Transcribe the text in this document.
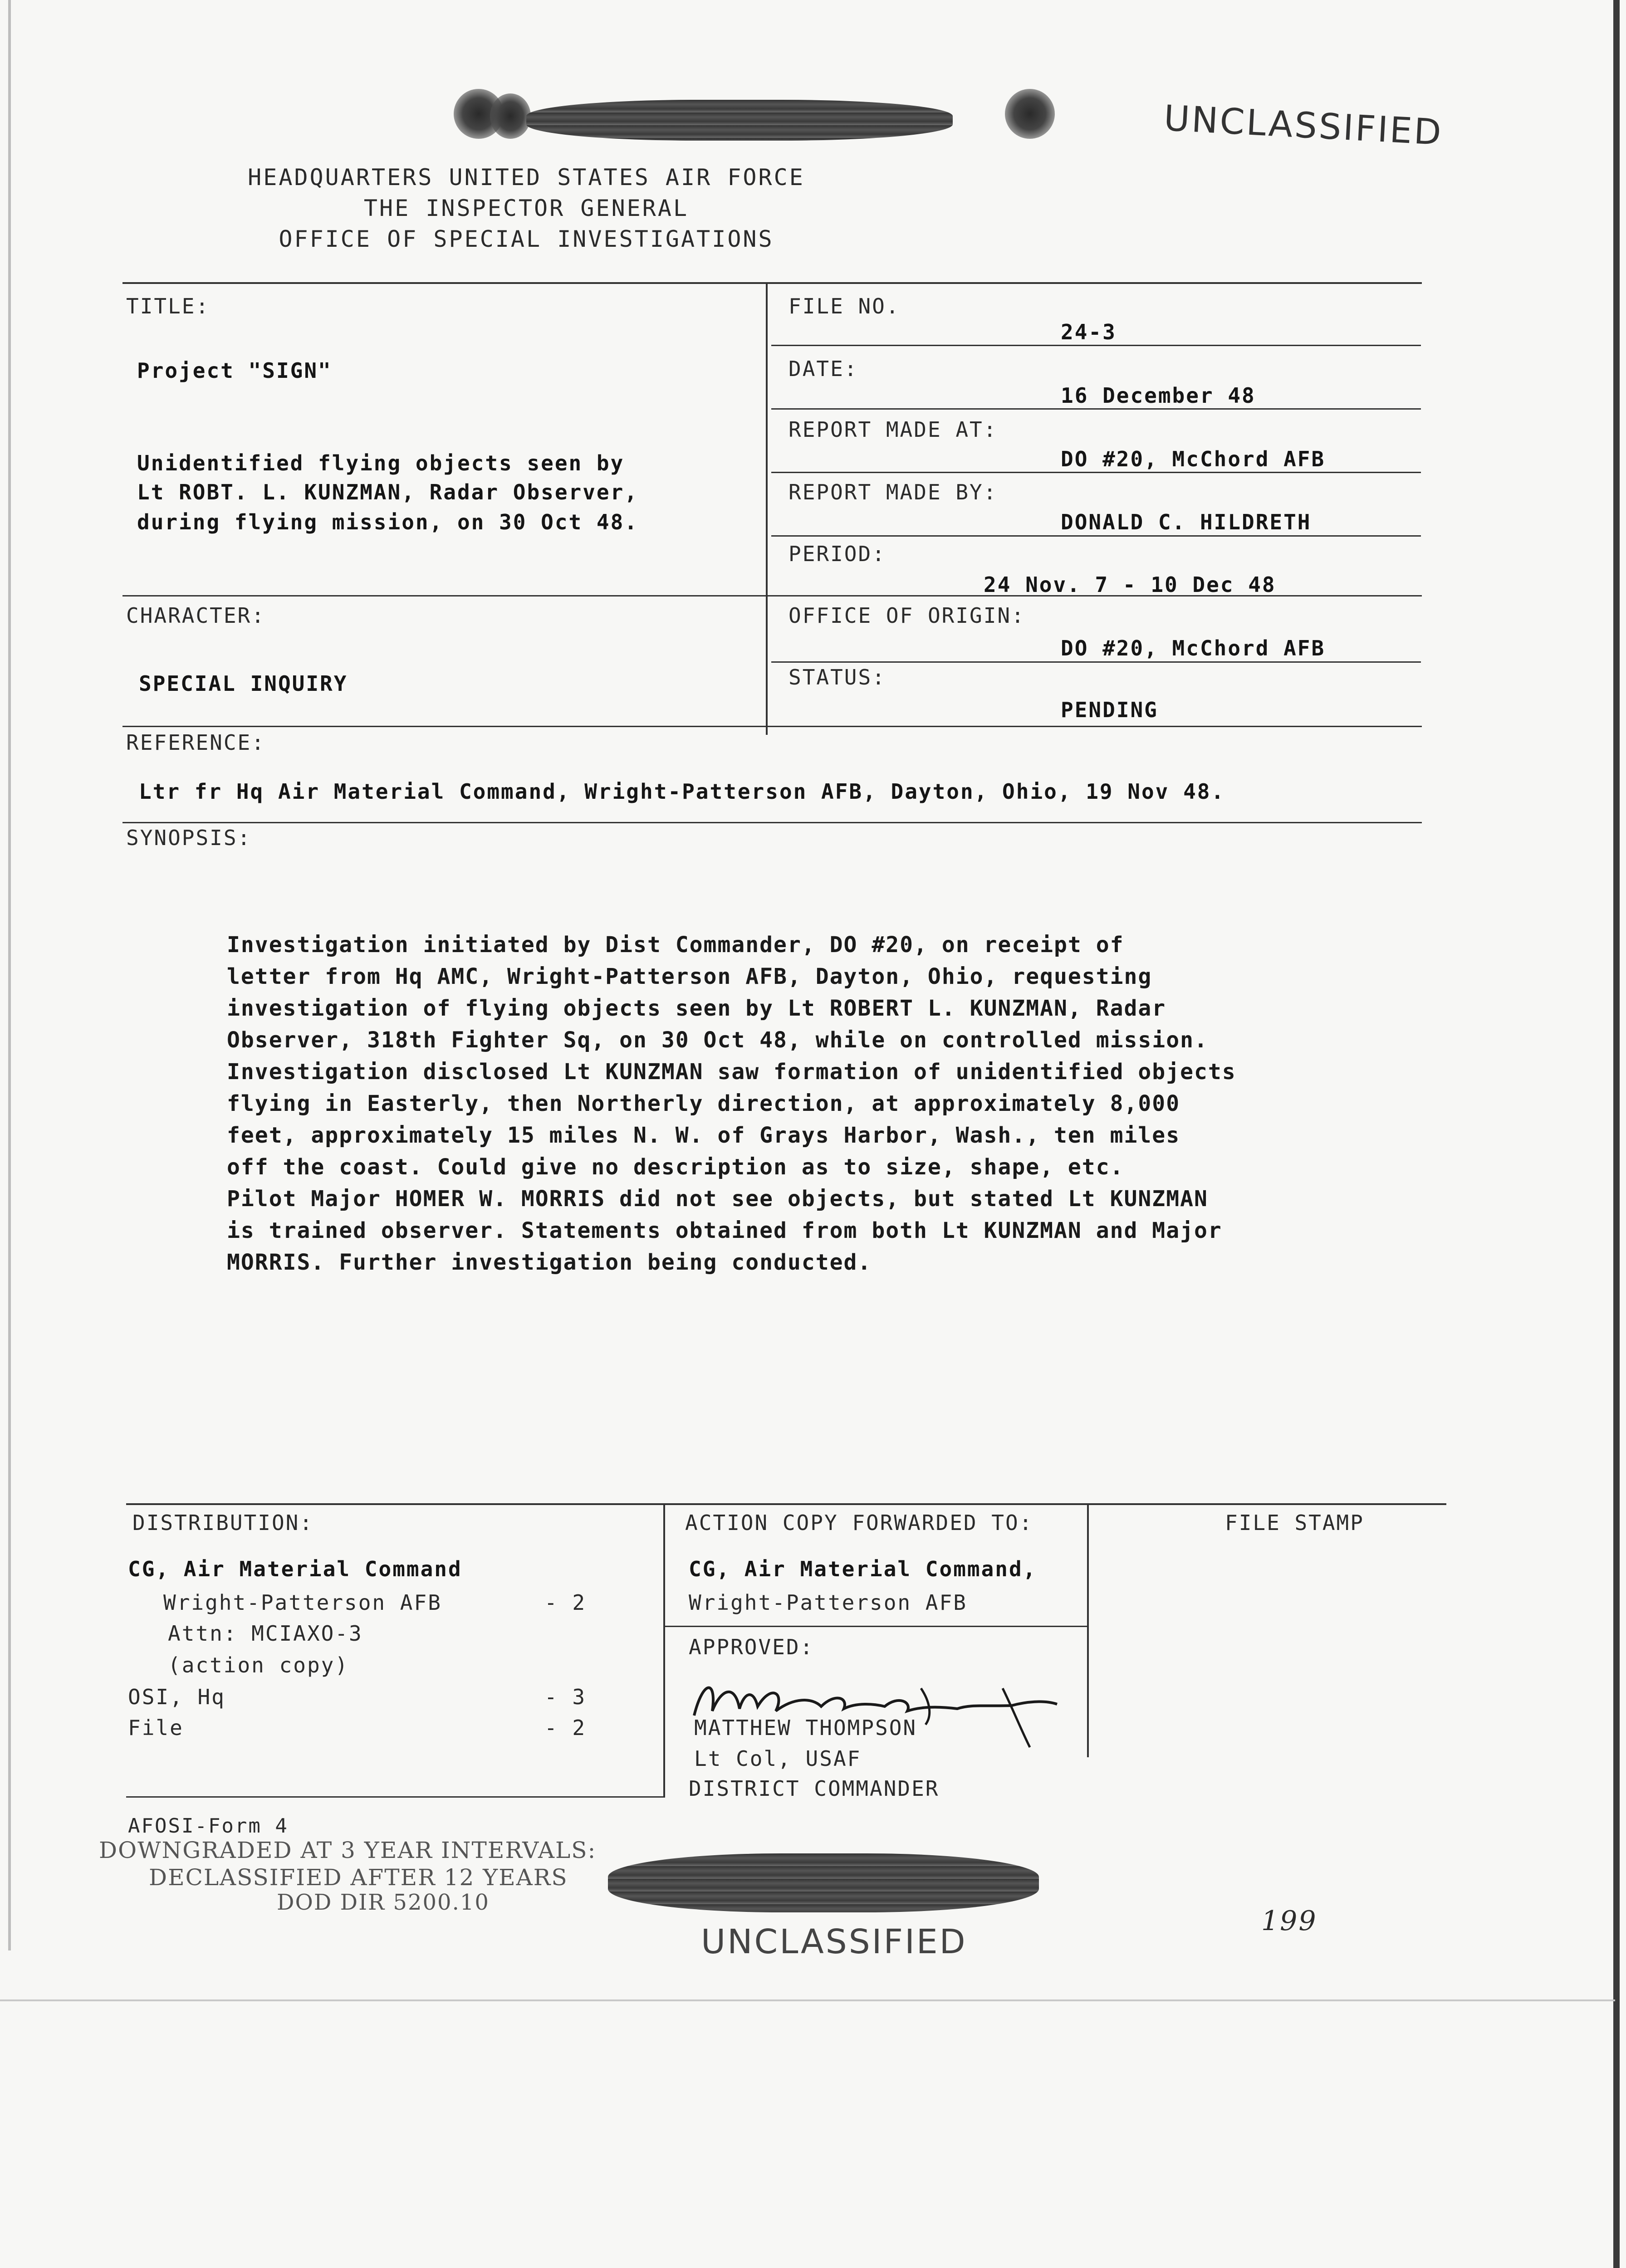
UNCLASSIFIED
HEADQUARTERS UNITED STATES AIR FORCE
THE INSPECTOR GENERAL
OFFICE OF SPECIAL INVESTIGATIONS
TITLE:
Project "SIGN"
Unidentified flying objects seen by
Lt ROBT. L. KUNZMAN, Radar Observer,
during flying mission, on 30 Oct 48.
FILE NO.
24-3
DATE:
16 December 48
REPORT MADE AT:
DO #20, McChord AFB
REPORT MADE BY:
DONALD C. HILDRETH
PERIOD:
24 Nov. 7 - 10 Dec 48
OFFICE OF ORIGIN:
DO #20, McChord AFB
STATUS:
PENDING
CHARACTER:
SPECIAL INQUIRY
REFERENCE:
Ltr fr Hq Air Material Command, Wright-Patterson AFB, Dayton, Ohio, 19 Nov 48.
SYNOPSIS:
Investigation initiated by Dist Commander, DO #20, on receipt of
letter from Hq AMC, Wright-Patterson AFB, Dayton, Ohio, requesting
investigation of flying objects seen by Lt ROBERT L. KUNZMAN, Radar
Observer, 318th Fighter Sq, on 30 Oct 48, while on controlled mission.
Investigation disclosed Lt KUNZMAN saw formation of unidentified objects
flying in Easterly, then Northerly direction, at approximately 8,000
feet, approximately 15 miles N. W. of Grays Harbor, Wash., ten miles
off the coast. Could give no description as to size, shape, etc.
Pilot Major HOMER W. MORRIS did not see objects, but stated Lt KUNZMAN
is trained observer. Statements obtained from both Lt KUNZMAN and Major
MORRIS. Further investigation being conducted.
DISTRIBUTION:
CG, Air Material Command
Wright-Patterson AFB	- 2
Attn: MCIAXO-3
(action copy)
OSI, Hq	- 3
File	- 2
ACTION COPY FORWARDED TO:
CG, Air Material Command,
Wright-Patterson AFB
APPROVED:
MATTHEW THOMPSON
Lt Col, USAF
DISTRICT COMMANDER
FILE STAMP
AFOSI-Form 4
DOWNGRADED AT 3 YEAR INTERVALS:
DECLASSIFIED AFTER 12 YEARS
DOD DIR 5200.10
UNCLASSIFIED
199
